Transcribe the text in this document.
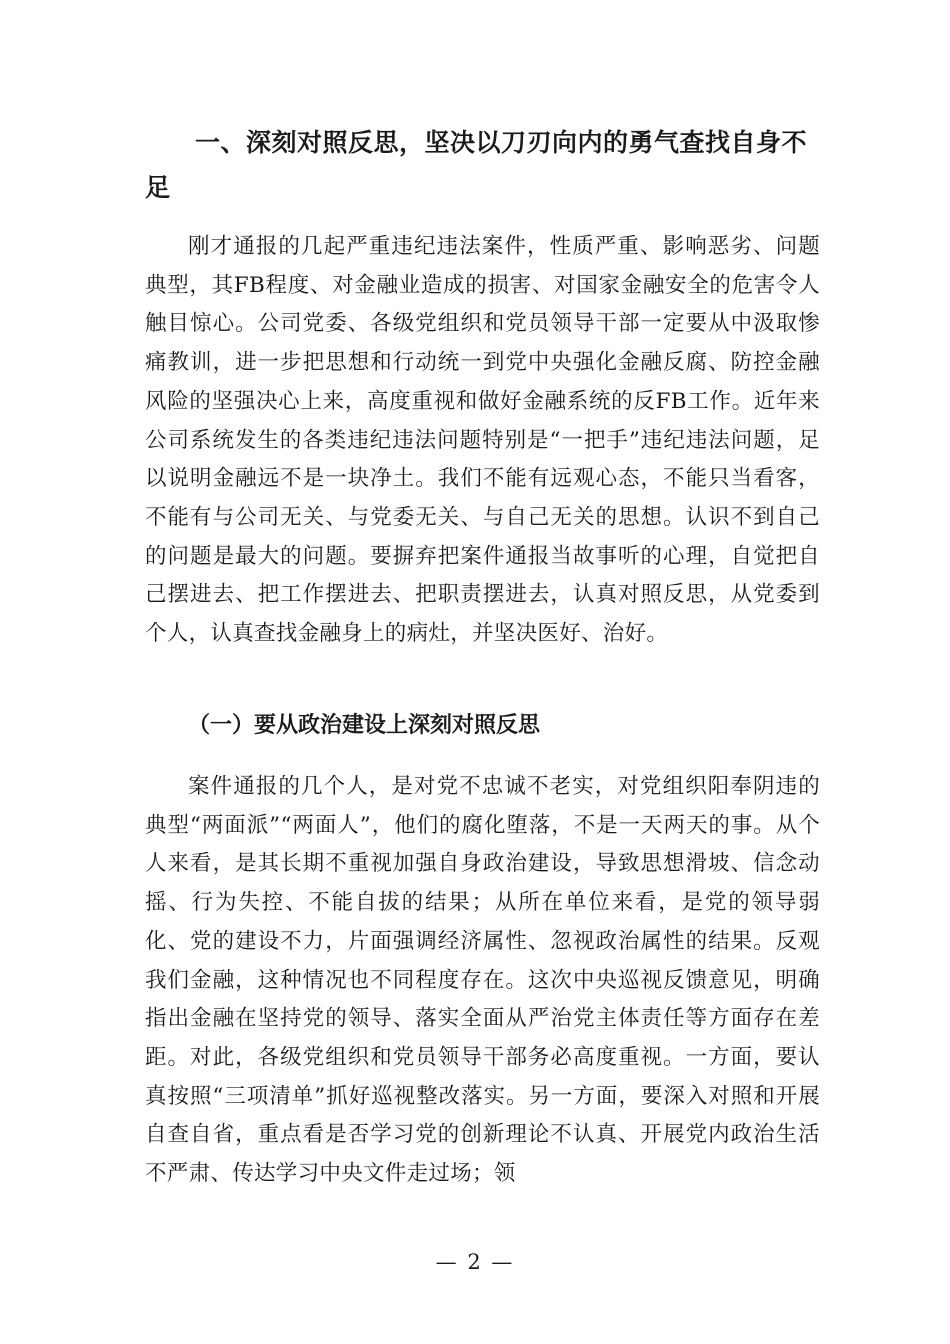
一、深刻对照反思，坚决以刀刃向内的勇气查找自身不足

刚才通报的几起严重违纪违法案件，性质严重、影响恶劣、问题典型，其FB程度、对金融业造成的损害、对国家金融安全的危害令人触目惊心。公司党委、各级党组织和党员领导干部一定要从中汲取惨痛教训，进一步把思想和行动统一到党中央强化金融反腐、防控金融风险的坚强决心上来，高度重视和做好金融系统的反FB工作。近年来公司系统发生的各类违纪违法问题特别是“一把手”违纪违法问题，足以说明金融远不是一块净土。我们不能有远观心态，不能只当看客，不能有与公司无关、与党委无关、与自己无关的思想。认识不到自己的问题是最大的问题。要摒弃把案件通报当故事听的心理，自觉把自己摆进去、把工作摆进去、把职责摆进去，认真对照反思，从党委到个人，认真查找金融身上的病灶，并坚决医好、治好。

（一）要从政治建设上深刻对照反思

案件通报的几个人，是对党不忠诚不老实，对党组织阳奉阴违的典型“两面派”“两面人”，他们的腐化堕落，不是一天两天的事。从个人来看，是其长期不重视加强自身政治建设，导致思想滑坡、信念动摇、行为失控、不能自拔的结果；从所在单位来看，是党的领导弱化、党的建设不力，片面强调经济属性、忽视政治属性的结果。反观我们金融，这种情况也不同程度存在。这次中央巡视反馈意见，明确指出金融在坚持党的领导、落实全面从严治党主体责任等方面存在差距。对此，各级党组织和党员领导干部务必高度重视。一方面，要认真按照“三项清单”抓好巡视整改落实。另一方面，要深入对照和开展自查自省，重点看是否学习党的创新理论不认真、开展党内政治生活不严肃、传达学习中央文件走过场；领

— 2 —
